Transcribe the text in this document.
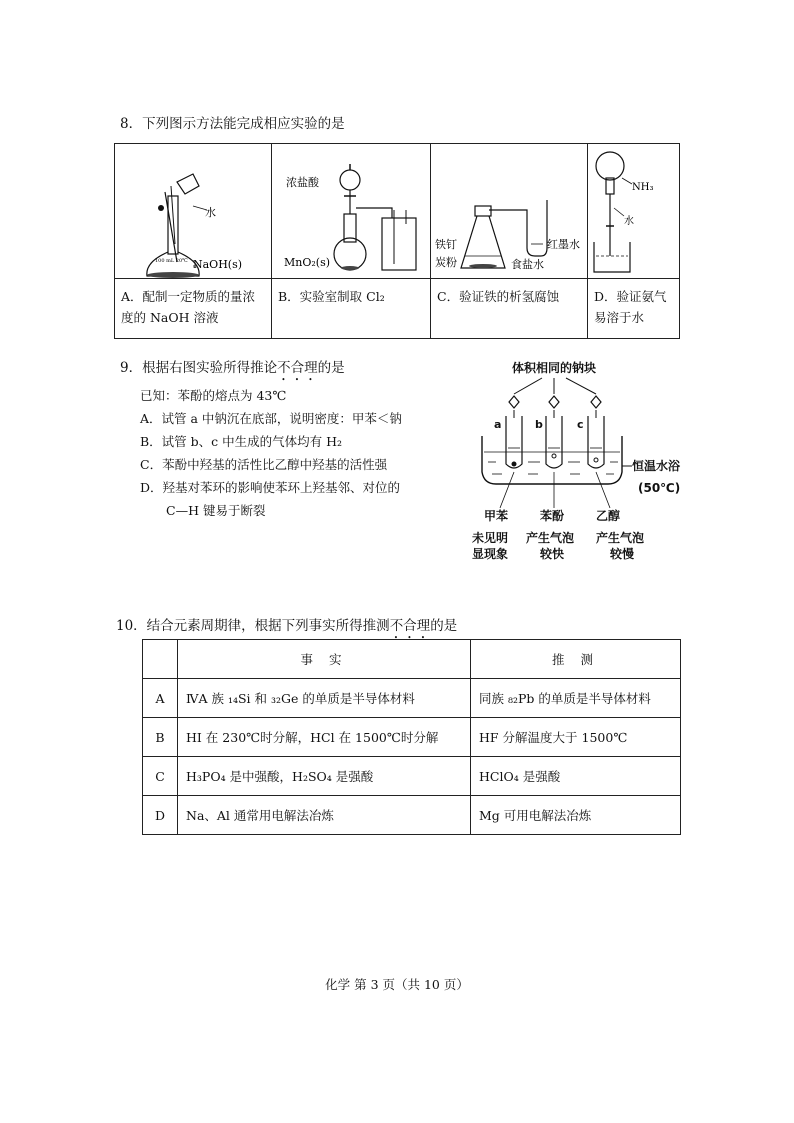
8．下列图示方法能完成相应实验的是
水
100 mL 20℃ NaOH(s)
A．配制一定物质的量浓度的 NaOH 溶液
浓盐酸
MnO₂(s)
B．实验室制取 Cl₂
红墨水
铁钉
炭粉	食盐水
C．验证铁的析氢腐蚀
NH₃
水
D．验证氨气易溶于水
9．根据右图实验所得推论不合理的是
已知：苯酚的熔点为 43℃
A．试管 a 中钠沉在底部，说明密度：甲苯＜钠
B．试管 b、c 中生成的气体均有 H₂
C．苯酚中羟基的活性比乙醇中羟基的活性强
D．羟基对苯环的影响使苯环上羟基邻、对位的
C—H 键易于断裂
体积相同的钠块
a	b	c
恒温水浴
(50℃)
甲苯	苯酚	乙醇
未见明 产生气泡 产生气泡
显现象	较快	较慢
10．结合元素周期律，根据下列事实所得推测不合理的是
	事 实	推 测
A	ⅣA 族 ₁₄Si 和 ₃₂Ge 的单质是半导体材料	同族 ₈₂Pb 的单质是半导体材料
B	HI 在 230℃时分解，HCl 在 1500℃时分解	HF 分解温度大于 1500℃
C	H₃PO₄ 是中强酸，H₂SO₄ 是强酸	HClO₄ 是强酸
D	Na、Al 通常用电解法冶炼	Mg 可用电解法冶炼
化学 第 3 页（共 10 页）
